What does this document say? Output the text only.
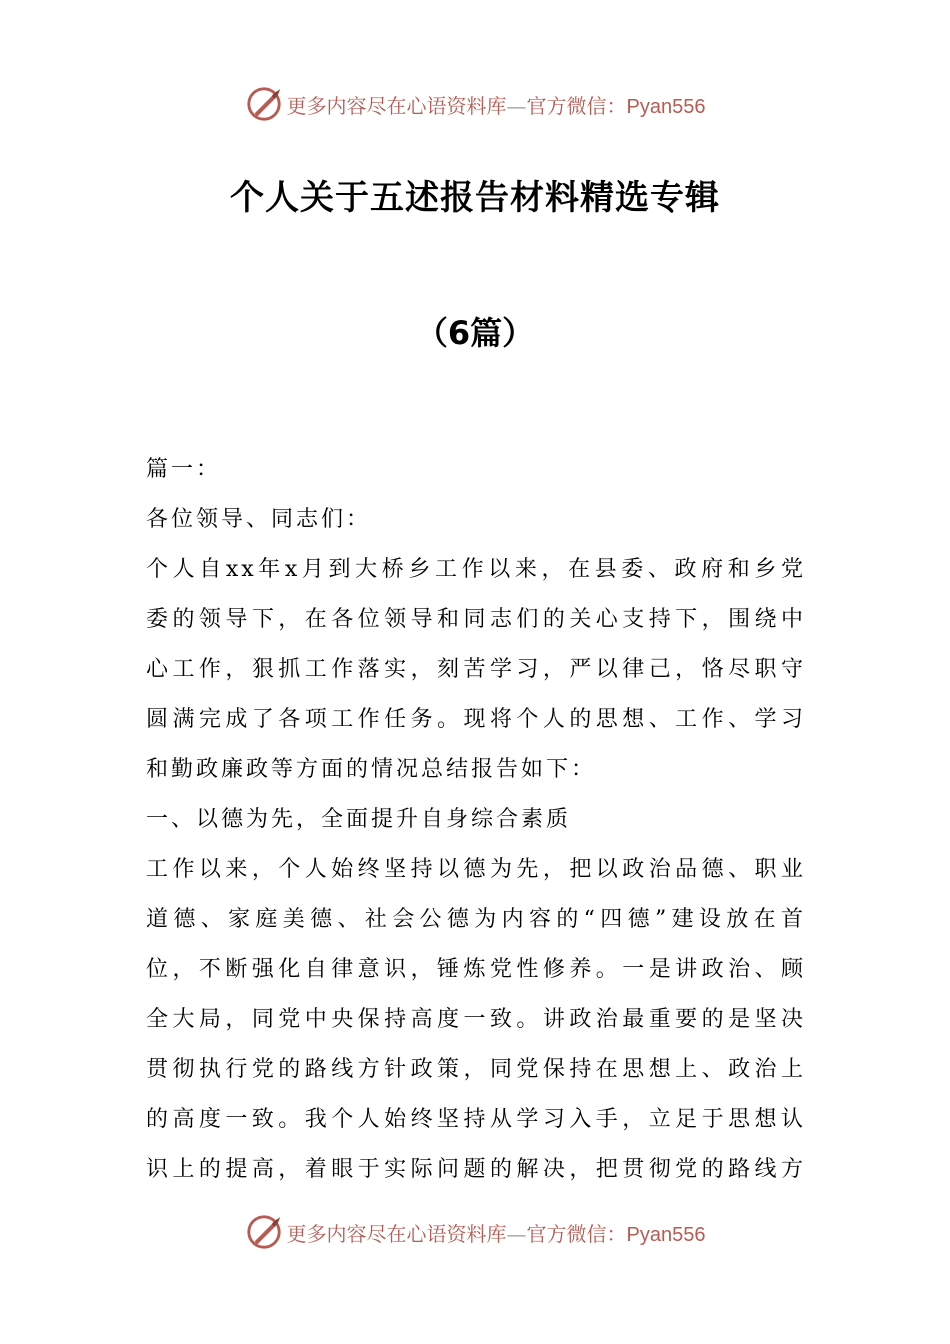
更多内容尽在心语资料库—官方微信：Pyan556
个人关于五述报告材料精选专辑
（6篇）

篇一：

各位领导、同志们：

个人自xx年x月到大桥乡工作以来，在县委、政府和乡党

委的领导下，在各位领导和同志们的关心支持下，围绕中

心工作，狠抓工作落实，刻苦学习，严以律己，恪尽职守

圆满完成了各项工作任务。现将个人的思想、工作、学习

和勤政廉政等方面的情况总结报告如下：

一、以德为先，全面提升自身综合素质

工作以来，个人始终坚持以德为先，把以政治品德、职业

道德、家庭美德、社会公德为内容的“四德”建设放在首

位，不断强化自律意识，锤炼党性修养。一是讲政治、顾

全大局，同党中央保持高度一致。讲政治最重要的是坚决

贯彻执行党的路线方针政策，同党保持在思想上、政治上

的高度一致。我个人始终坚持从学习入手，立足于思想认

识上的提高，着眼于实际问题的解决，把贯彻党的路线方

更多内容尽在心语资料库—官方微信：Pyan556
